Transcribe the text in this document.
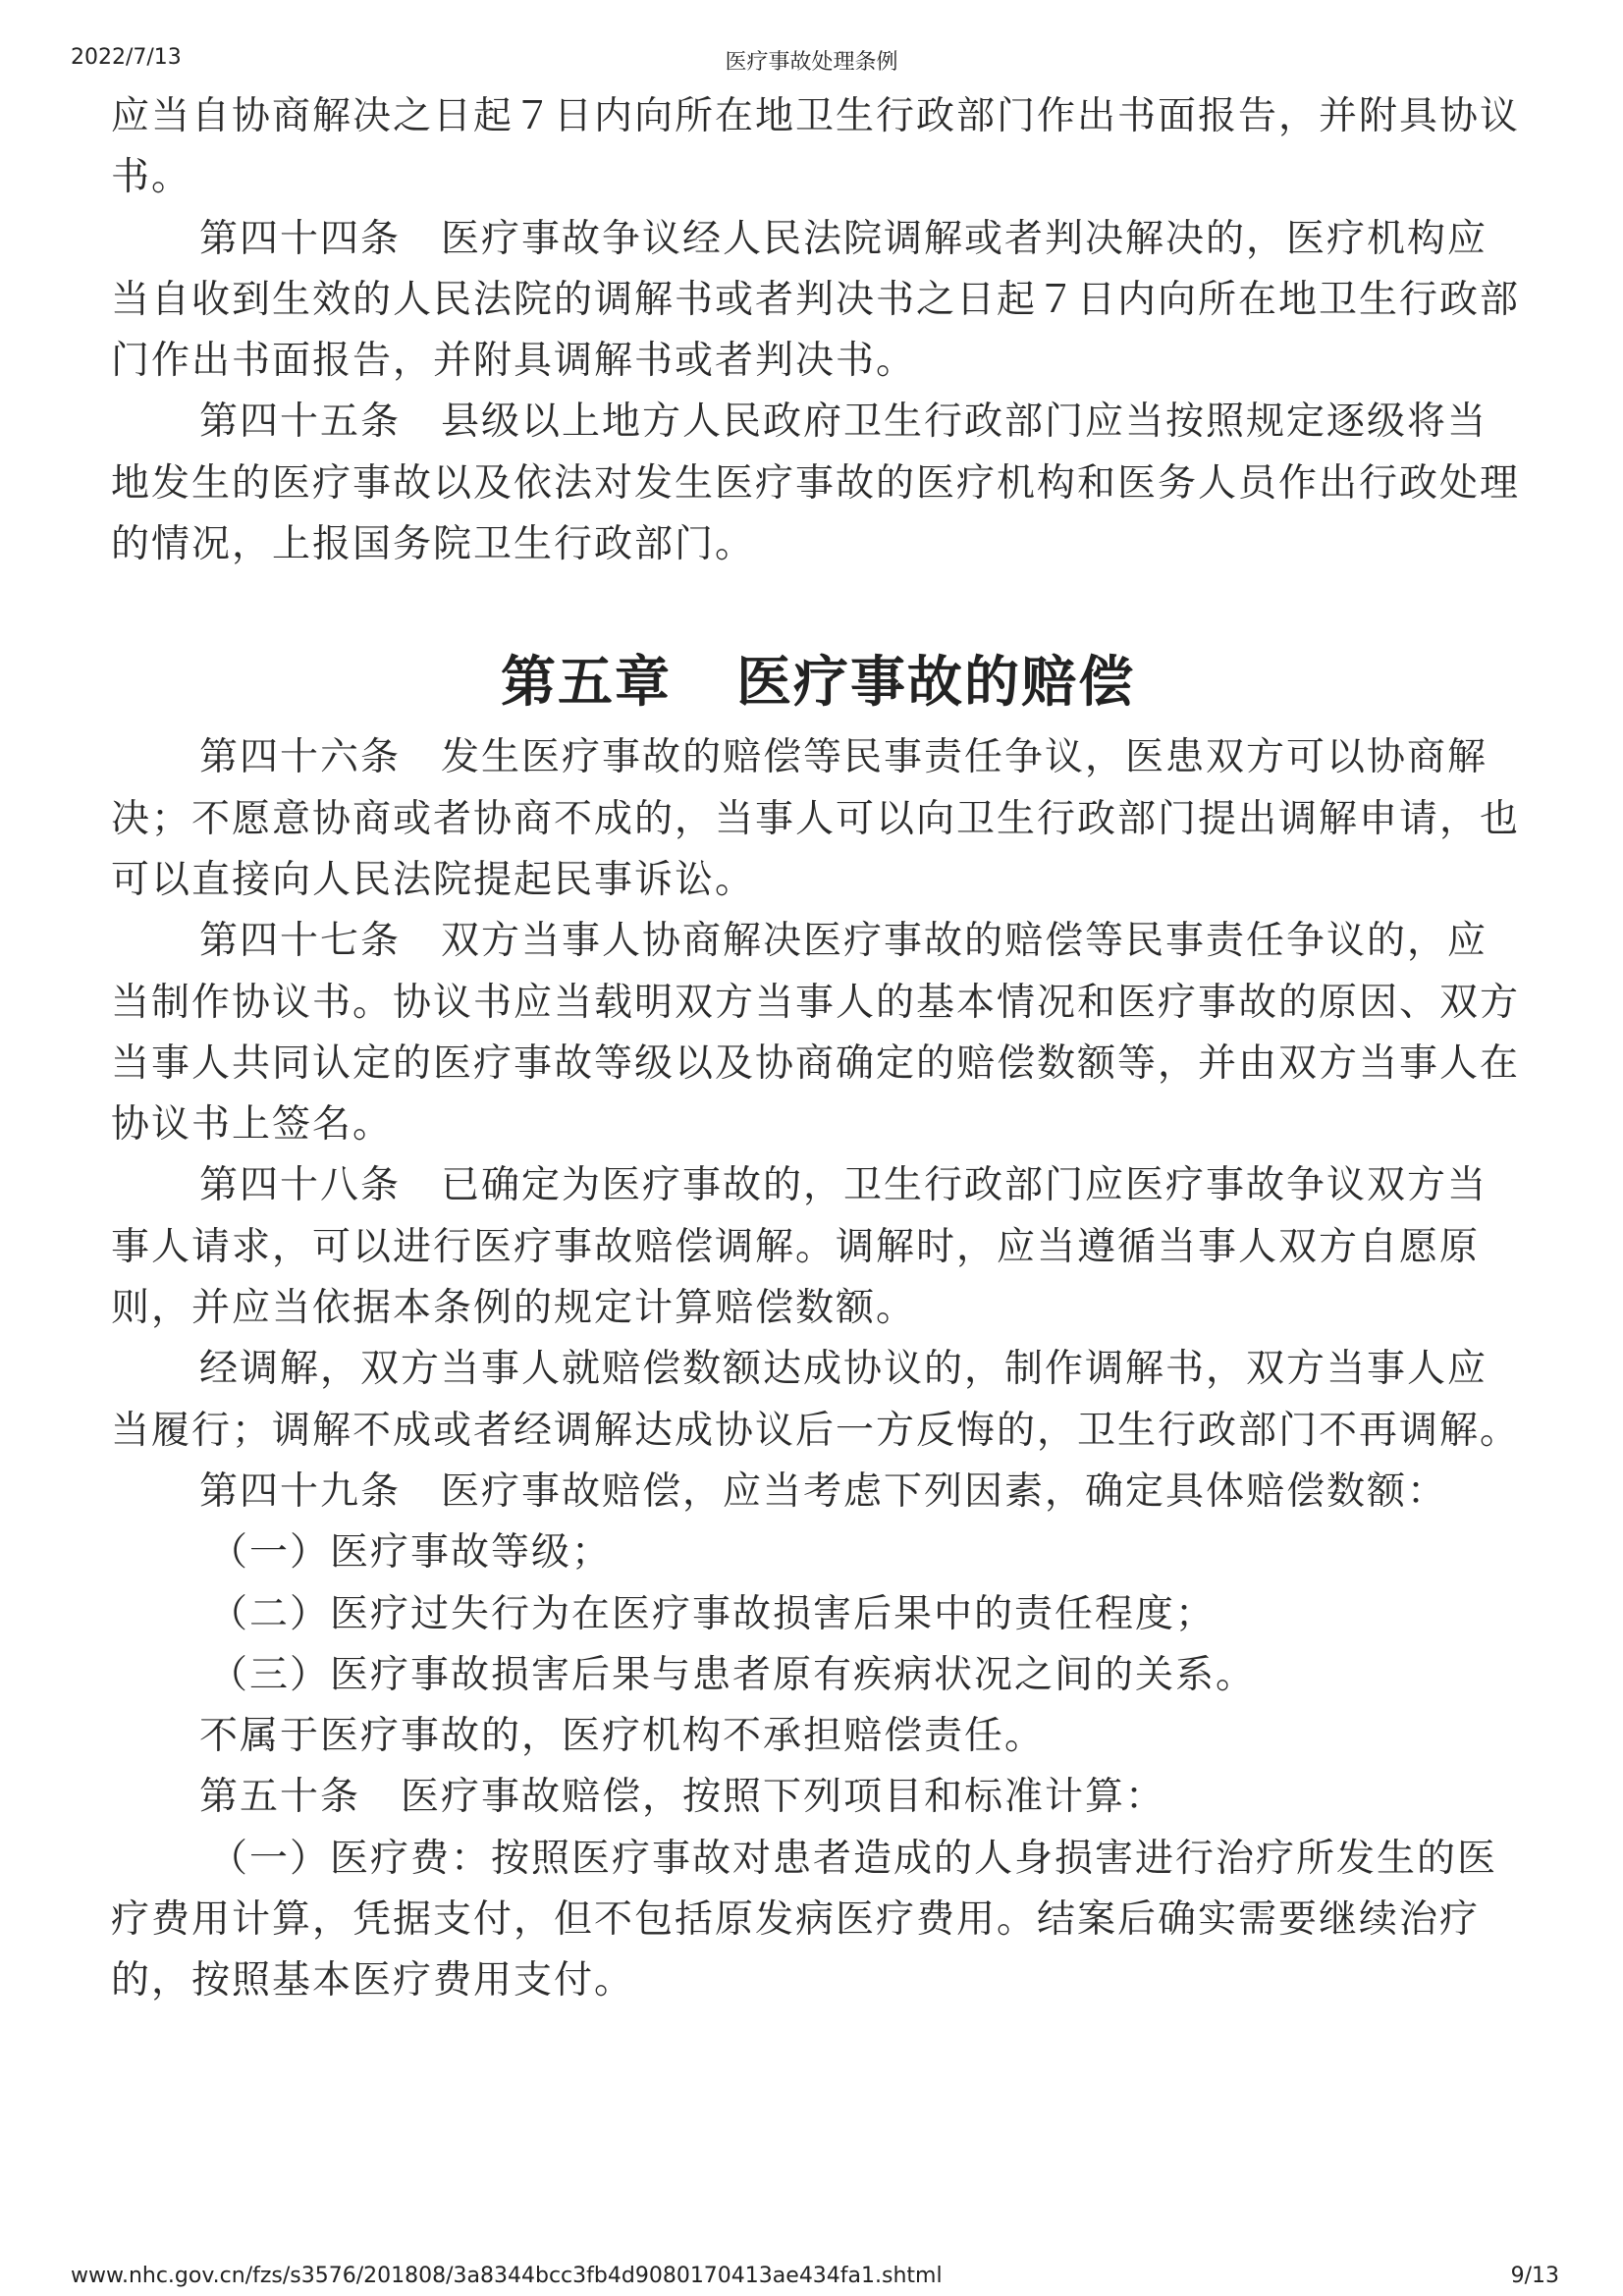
医疗事故处理条例
2022/7/13

应当自协商解决之日起７日内向所在地卫生行政部门作出书面报告，并附具协议书。

第四十四条　医疗事故争议经人民法院调解或者判决解决的，医疗机构应当自收到生效的人民法院的调解书或者判决书之日起７日内向所在地卫生行政部门作出书面报告，并附具调解书或者判决书。

第四十五条　县级以上地方人民政府卫生行政部门应当按照规定逐级将当地发生的医疗事故以及依法对发生医疗事故的医疗机构和医务人员作出行政处理的情况，上报国务院卫生行政部门。

第五章 医疗事故的赔偿

第四十六条　发生医疗事故的赔偿等民事责任争议，医患双方可以协商解决；不愿意协商或者协商不成的，当事人可以向卫生行政部门提出调解申请，也可以直接向人民法院提起民事诉讼。

第四十七条　双方当事人协商解决医疗事故的赔偿等民事责任争议的，应当制作协议书。协议书应当载明双方当事人的基本情况和医疗事故的原因、双方当事人共同认定的医疗事故等级以及协商确定的赔偿数额等，并由双方当事人在协议书上签名。

第四十八条　已确定为医疗事故的，卫生行政部门应医疗事故争议双方当事人请求，可以进行医疗事故赔偿调解。调解时，应当遵循当事人双方自愿原则，并应当依据本条例的规定计算赔偿数额。

经调解，双方当事人就赔偿数额达成协议的，制作调解书，双方当事人应当履行；调解不成或者经调解达成协议后一方反悔的，卫生行政部门不再调解。

第四十九条　医疗事故赔偿，应当考虑下列因素，确定具体赔偿数额：

（一）医疗事故等级；

（二）医疗过失行为在医疗事故损害后果中的责任程度；

（三）医疗事故损害后果与患者原有疾病状况之间的关系。

不属于医疗事故的，医疗机构不承担赔偿责任。

第五十条　医疗事故赔偿，按照下列项目和标准计算：

（一）医疗费：按照医疗事故对患者造成的人身损害进行治疗所发生的医疗费用计算，凭据支付，但不包括原发病医疗费用。结案后确实需要继续治疗的，按照基本医疗费用支付。

www.nhc.gov.cn/fzs/s3576/201808/3a8344bcc3fb4d9080170413ae434fa1.shtml	9/13
